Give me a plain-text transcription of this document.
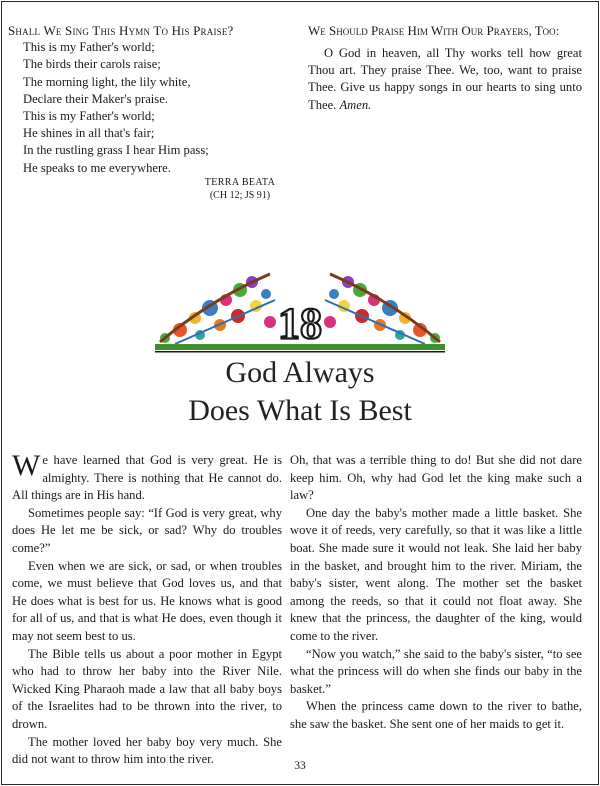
Shall We Sing This Hymn To His Praise?
This is my Father's world;
The birds their carols raise;
The morning light, the lily white,
Declare their Maker's praise.
This is my Father's world;
He shines in all that's fair;
In the rustling grass I hear Him pass;
He speaks to me everywhere.
TERRA BEATA
(CH 12; JS 91)
We Should Praise Him With Our Prayers, Too:
O God in heaven, all Thy works tell how great Thou art. They praise Thee. We, too, want to praise Thee. Give us happy songs in our hearts to sing unto Thee. Amen.
18
God Always
Does What Is Best

We have learned that God is very great. He is almighty. There is nothing that He cannot do. All things are in His hand.

Sometimes people say: “If God is very great, why does He let me be sick, or sad? Why do troubles come?”

Even when we are sick, or sad, or when troubles come, we must believe that God loves us, and that He does what is best for us. He knows what is good for all of us, and that is what He does, even though it may not seem best to us.

The Bible tells us about a poor mother in Egypt who had to throw her baby into the River Nile. Wicked King Pharaoh made a law that all baby boys of the Israelites had to be thrown into the river, to drown.

The mother loved her baby boy very much. She did not want to throw him into the river.

Oh, that was a terrible thing to do! But she did not dare keep him. Oh, why had God let the king make such a law?

One day the baby's mother made a little basket. She wove it of reeds, very carefully, so that it was like a little boat. She made sure it would not leak. She laid her baby in the basket, and brought him to the river. Miriam, the baby's sister, went along. The mother set the basket among the reeds, so that it could not float away. She knew that the princess, the daughter of the king, would come to the river.

“Now you watch,” she said to the baby's sister, “to see what the princess will do when she finds our baby in the basket.”

When the princess came down to the river to bathe, she saw the basket. She sent one of her maids to get it.

33
